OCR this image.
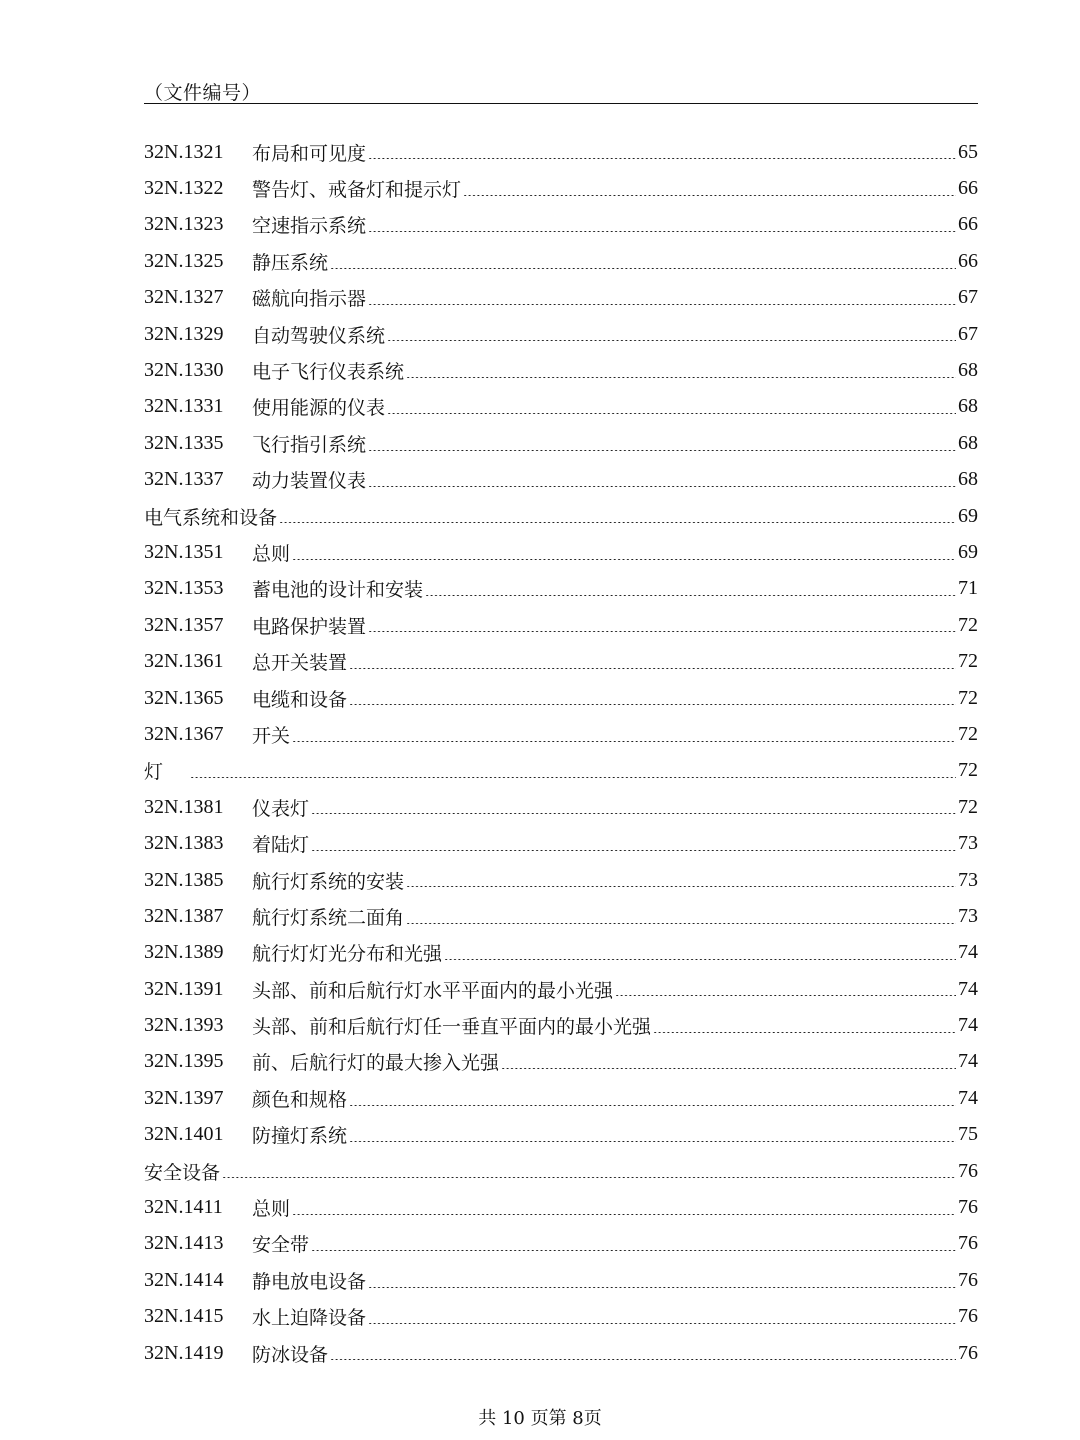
（文件编号）
32N.1321	布局和可见度	65
32N.1322	警告灯、戒备灯和提示灯	66
32N.1323	空速指示系统	66
32N.1325	静压系统	66
32N.1327	磁航向指示器	67
32N.1329	自动驾驶仪系统	67
32N.1330	电子飞行仪表系统	68
32N.1331	使用能源的仪表	68
32N.1335	飞行指引系统	68
32N.1337	动力装置仪表	68
电气系统和设备	69
32N.1351	总则	69
32N.1353	蓄电池的设计和安装	71
32N.1357	电路保护装置	72
32N.1361	总开关装置	72
32N.1365	电缆和设备	72
32N.1367	开关	72
灯	72
32N.1381	仪表灯	72
32N.1383	着陆灯	73
32N.1385	航行灯系统的安装	73
32N.1387	航行灯系统二面角	73
32N.1389	航行灯灯光分布和光强	74
32N.1391	头部、前和后航行灯水平平面内的最小光强	74
32N.1393	头部、前和后航行灯任一垂直平面内的最小光强	74
32N.1395	前、后航行灯的最大掺入光强	74
32N.1397	颜色和规格	74
32N.1401	防撞灯系统	75
安全设备	76
32N.1411	总则	76
32N.1413	安全带	76
32N.1414	静电放电设备	76
32N.1415	水上迫降设备	76
32N.1419	防冰设备	76
共 10 页第 8页
